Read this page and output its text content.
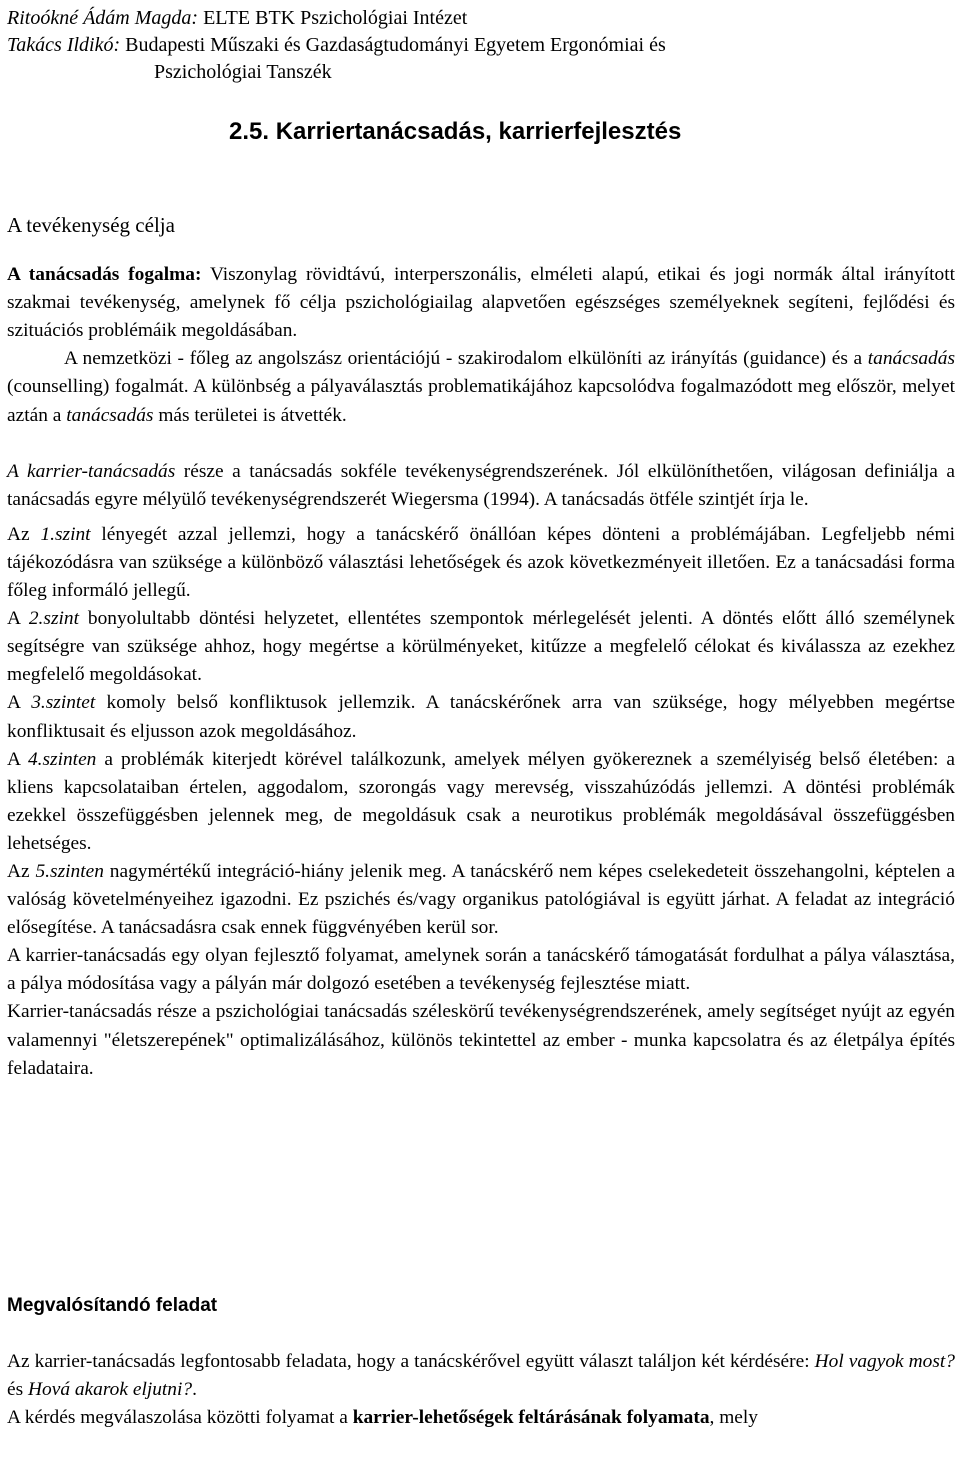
Ritoókné Ádám Magda: ELTE BTK Pszichológiai Intézet
Takács Ildikó: Budapesti Műszaki és Gazdaságtudományi Egyetem Ergonómiai és
Pszichológiai Tanszék
2.5. Karriertanácsadás, karrierfejlesztés
A tevékenység célja

A tanácsadás fogalma: Viszonylag rövidtávú, interperszonális, elméleti alapú, etikai és jogi normák által irányított szakmai tevékenység, amelynek fő célja pszichológiailag alapvetően egészséges személyeknek segíteni, fejlődési és szituációs problémáik megoldásában.

A nemzetközi - főleg az angolszász orientációjú - szakirodalom elkülöníti az irányítás (guidance) és a tanácsadás (counselling) fogalmát. A különbség a pályaválasztás problematikájához kapcsolódva fogalmazódott meg először, melyet aztán a tanácsadás más területei is átvették.

A karrier-tanácsadás része a tanácsadás sokféle tevékenységrendszerének. Jól elkülöníthetően, világosan definiálja a tanácsadás egyre mélyülő tevékenységrendszerét Wiegersma (1994). A tanácsadás ötféle szintjét írja le.

Az 1.szint lényegét azzal jellemzi, hogy a tanácskérő önállóan képes dönteni a problémájában. Legfeljebb némi tájékozódásra van szüksége a különböző választási lehetőségek és azok következményeit illetően. Ez a tanácsadási forma főleg informáló jellegű.

A 2.szint bonyolultabb döntési helyzetet, ellentétes szempontok mérlegelését jelenti. A döntés előtt álló személynek segítségre van szüksége ahhoz, hogy megértse a körülményeket, kitűzze a megfelelő célokat és kiválassza az ezekhez megfelelő megoldásokat.

A 3.szintet komoly belső konfliktusok jellemzik. A tanácskérőnek arra van szüksége, hogy mélyebben megértse konfliktusait és eljusson azok megoldásához.

A 4.szinten a problémák kiterjedt körével találkozunk, amelyek mélyen gyökereznek a személyiség belső életében: a kliens kapcsolataiban értelen, aggodalom, szorongás vagy merevség, visszahúzódás jellemzi. A döntési problémák ezekkel összefüggésben jelennek meg, de megoldásuk csak a neurotikus problémák megoldásával összefüggésben lehetséges.

Az 5.szinten nagymértékű integráció-hiány jelenik meg. A tanácskérő nem képes cselekedeteit összehangolni, képtelen a valóság követelményeihez igazodni. Ez pszichés és/vagy organikus patológiával is együtt járhat. A feladat az integráció elősegítése. A tanácsadásra csak ennek függvényében kerül sor.

A karrier-tanácsadás egy olyan fejlesztő folyamat, amelynek során a tanácskérő támogatását fordulhat a pálya választása, a pálya módosítása vagy a pályán már dolgozó esetében a tevékenység fejlesztése miatt.

Karrier-tanácsadás része a pszichológiai tanácsadás széleskörű tevékenységrendszerének, amely segítséget nyújt az egyén valamennyi "életszerepének" optimalizálásához, különös tekintettel az ember - munka kapcsolatra és az életpálya építés feladataira.

Megvalósítandó feladat

Az karrier-tanácsadás legfontosabb feladata, hogy a tanácskérővel együtt választ találjon két kérdésére: Hol vagyok most? és Hová akarok eljutni?.

A kérdés megválaszolása közötti folyamat a karrier-lehetőségek feltárásának folyamata, mely
